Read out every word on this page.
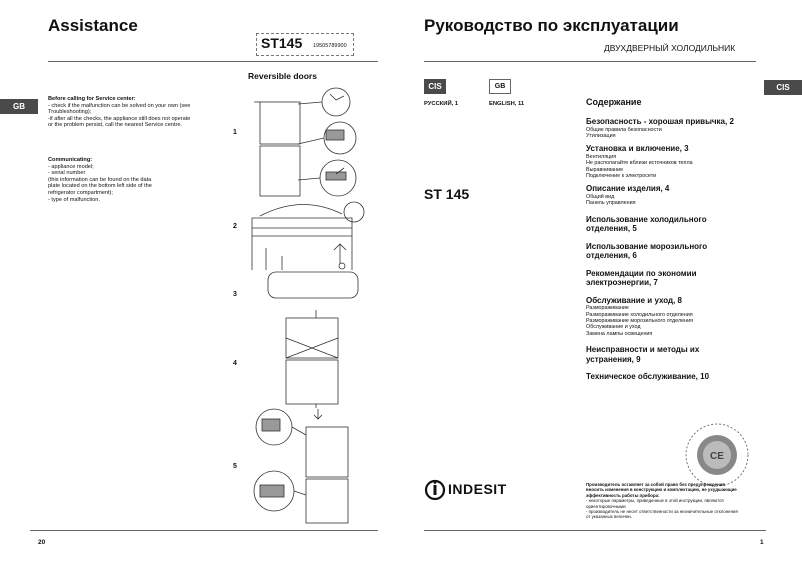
Assistance
ST145 19505789900
GB
Before calling for Service center:
- check if the malfunction can be solved on your own (see
Troubleshooting);
-if after all the checks, the appliance still does not operate
or the problem persist, call the nearest Service centre.
Communicating:
- appliance model;
- serial number
(this information can be found on the data
plate located on the bottom left side of the
refrigerator compartment);
- type of malfunction.
Reversible doors
1
2
3
4
5
20
Руководство по эксплуатации
ДВУХДВЕРНЫЙ ХОЛОДИЛЬНИК
CIS
CIS	GB
РУССКИЙ, 1	ENGLISH, 11
ST 145
Содержание
Безопасность - хорошая привычка, 2
Общие правила безопасности
Утилизация
Установка и включение, 3
Вентиляция
Не располагайте вблизи источников тепла
Выравнивание
Подключение к электросети
Описание изделия, 4
Общий вид
Панель управления
Использование холодильного
отделения, 5
Использование морозильного
отделения, 6
Рекомендации по экономии
электроэнергии, 7
Обслуживание и уход, 8
Размораживание
Размораживание холодильного отделения
Размораживание морозильного отделения
Обслуживание и уход
Замена лампы освещения
Неисправности и методы их
устранения, 9
Техническое обслуживание, 10
CE
INDESIT	Производитель оставляет за собой право без предупреждения
вносить изменения в конструкцию и комплектацию, не ухудшающие
эффективность работы прибора:
- некоторые параметры, приведенные в этой инструкции, являются
ориентировочными
- производитель не несет ответственности за незначительные отклонения
от указанных величин.
1
